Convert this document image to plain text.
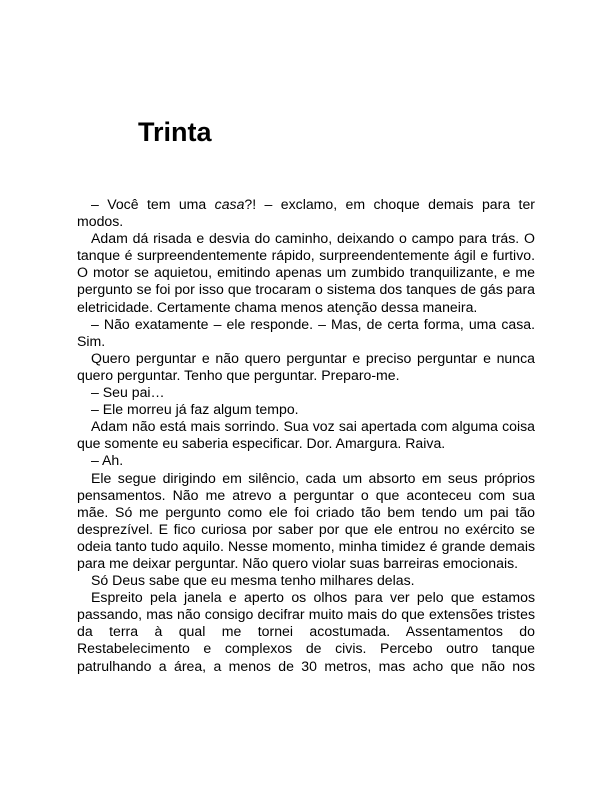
Trinta

– Você tem uma casa?! – exclamo, em choque demais para ter modos.

Adam dá risada e desvia do caminho, deixando o campo para trás. O tanque é surpreendentemente rápido, surpreendentemente ágil e furtivo. O motor se aquietou, emitindo apenas um zumbido tranquilizante, e me pergunto se foi por isso que trocaram o sistema dos tanques de gás para eletricidade. Certamente chama menos atenção dessa maneira.

– Não exatamente – ele responde. – Mas, de certa forma, uma casa. Sim.

Quero perguntar e não quero perguntar e preciso perguntar e nunca quero perguntar. Tenho que perguntar. Preparo-me.

– Seu pai…

– Ele morreu já faz algum tempo.

Adam não está mais sorrindo. Sua voz sai apertada com alguma coisa que somente eu saberia especificar. Dor. Amargura. Raiva.

– Ah.

Ele segue dirigindo em silêncio, cada um absorto em seus próprios pensamentos. Não me atrevo a perguntar o que aconteceu com sua mãe. Só me pergunto como ele foi criado tão bem tendo um pai tão desprezível. E fico curiosa por saber por que ele entrou no exército se odeia tanto tudo aquilo. Nesse momento, minha timidez é grande demais para me deixar perguntar. Não quero violar suas barreiras emocionais.

Só Deus sabe que eu mesma tenho milhares delas.

Espreito pela janela e aperto os olhos para ver pelo que estamos passando, mas não consigo decifrar muito mais do que extensões tristes da terra à qual me tornei acostumada. Assentamentos do Restabelecimento e complexos de civis. Percebo outro tanque patrulhando a área, a menos de 30 metros, mas acho que não nos
